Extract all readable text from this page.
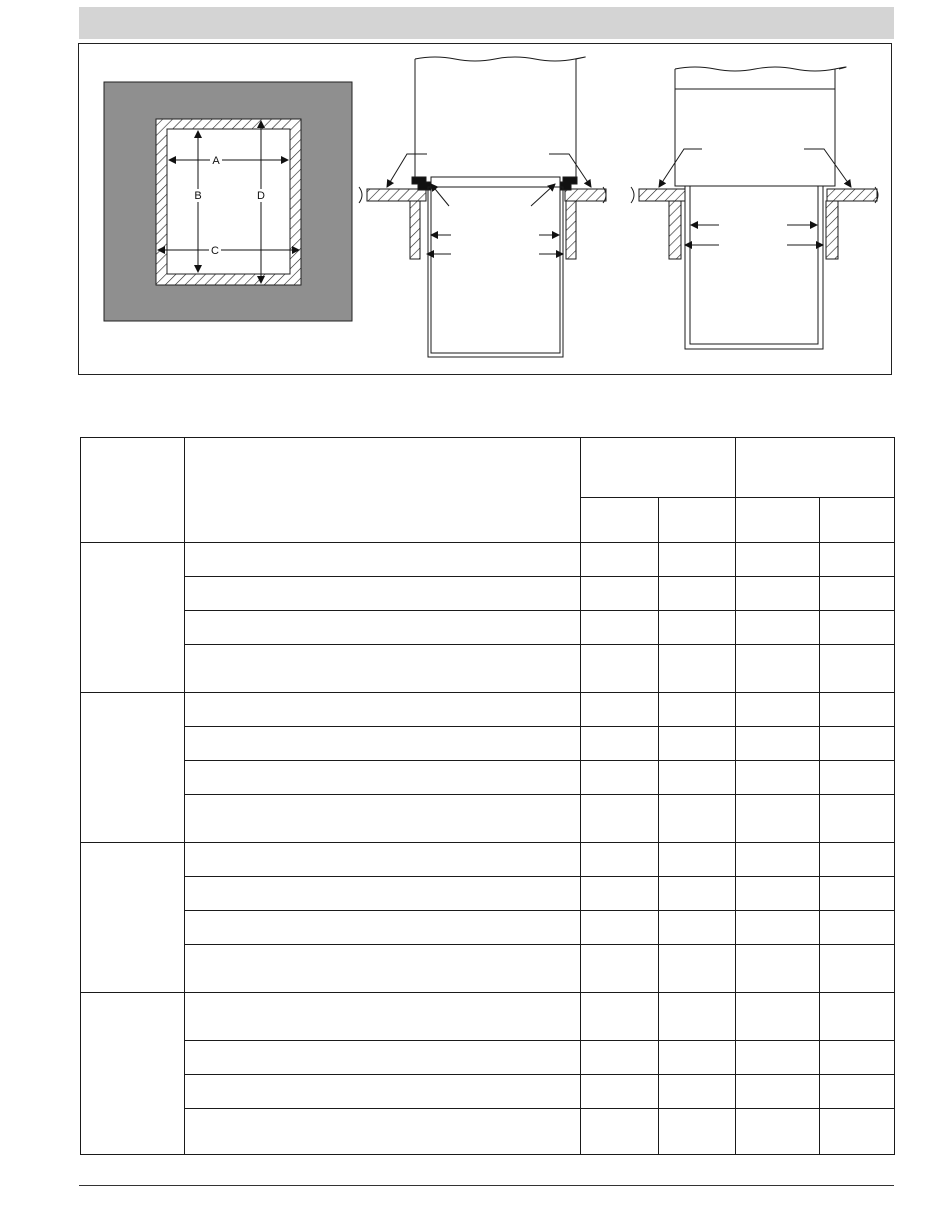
A
B
C
D
